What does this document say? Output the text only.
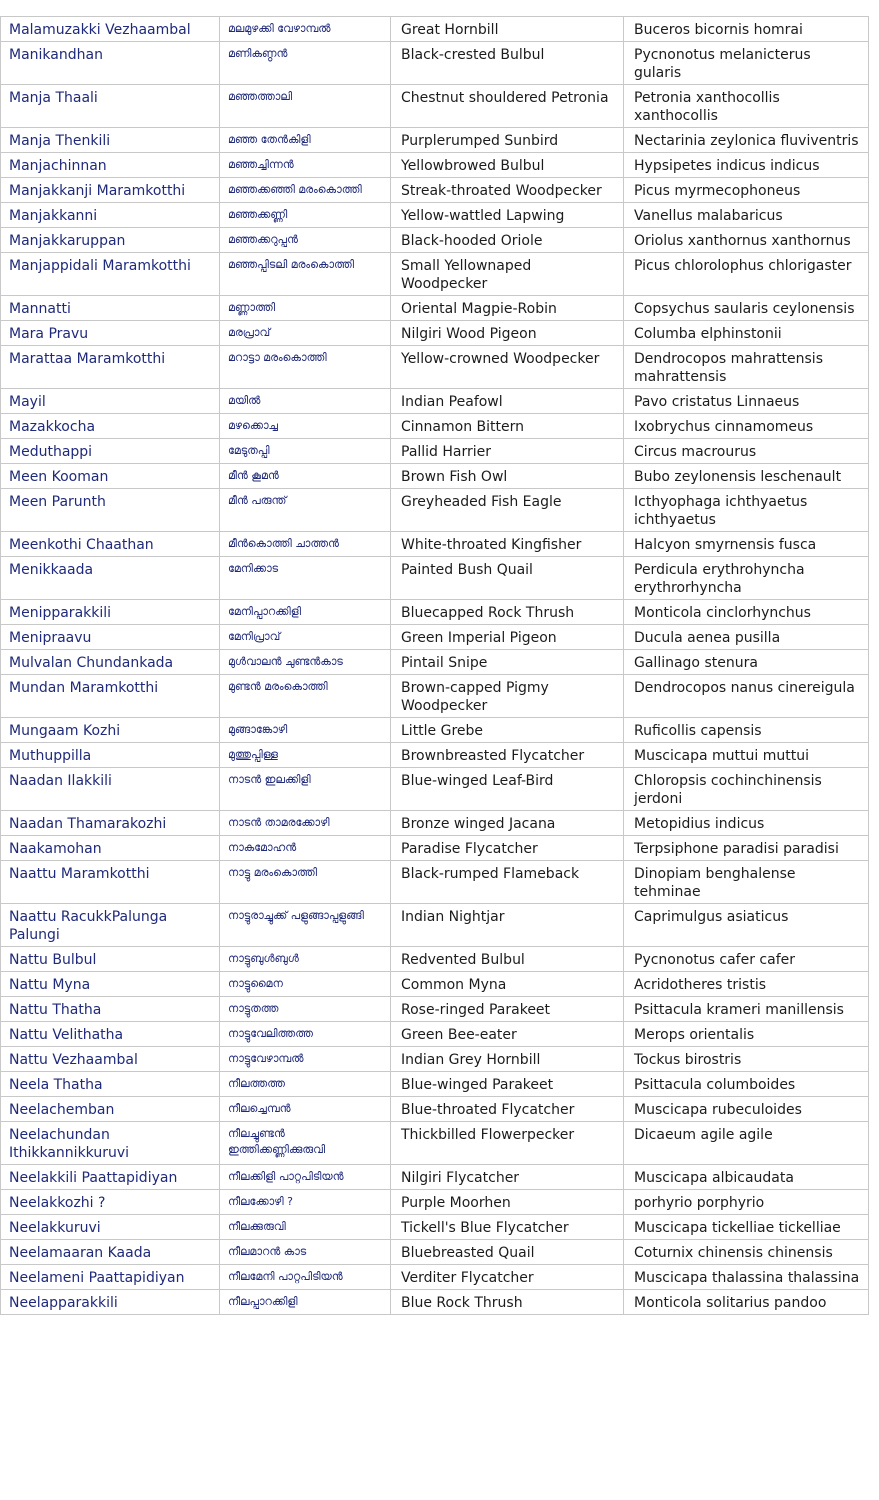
Malamuzakki Vezhaambal	മലമുഴക്കി വേഴാമ്പൽ	Great Hornbill	Buceros bicornis homrai
Manikandhan	മണികണ്ഠൻ	Black-crested Bulbul	Pycnonotus melanicterus gularis
Manja Thaali	മഞ്ഞത്താലി	Chestnut shouldered Petronia	Petronia xanthocollis xanthocollis
Manja Thenkili	മഞ്ഞ തേൻകിളി	Purplerumped Sunbird	Nectarinia zeylonica fluviventris
Manjachinnan	മഞ്ഞച്ചിന്നൻ	Yellowbrowed Bulbul	Hypsipetes indicus indicus
Manjakkanji Maramkotthi	മഞ്ഞക്കഞ്ഞി മരംകൊത്തി	Streak-throated Woodpecker	Picus myrmecophoneus
Manjakkanni	മഞ്ഞക്കണ്ണി	Yellow-wattled Lapwing	Vanellus malabaricus
Manjakkaruppan	മഞ്ഞക്കറുപ്പൻ	Black-hooded Oriole	Oriolus xanthornus xanthornus
Manjappidali Maramkotthi	മഞ്ഞപ്പിടലി മരംകൊത്തി	Small Yellownaped Woodpecker	Picus chlorolophus chlorigaster
Mannatti	മണ്ണാത്തി	Oriental Magpie-Robin	Copsychus saularis ceylonensis
Mara Pravu	മരപ്രാവ്	Nilgiri Wood Pigeon	Columba elphinstonii
Marattaa Maramkotthi	മറാട്ടാ മരംകൊത്തി	Yellow-crowned Woodpecker	Dendrocopos mahrattensis mahrattensis
Mayil	മയിൽ	Indian Peafowl	Pavo cristatus Linnaeus
Mazakkocha	മഴക്കൊച്ച	Cinnamon Bittern	Ixobrychus cinnamomeus
Meduthappi	മേടുതപ്പി	Pallid Harrier	Circus macrourus
Meen Kooman	മീൻ കൂമൻ	Brown Fish Owl	Bubo zeylonensis leschenault
Meen Parunth	മീൻ പരുന്ത്	Greyheaded Fish Eagle	Icthyophaga ichthyaetus ichthyaetus
Meenkothi Chaathan	മീൻകൊത്തി ചാത്തൻ	White-throated Kingfisher	Halcyon smyrnensis fusca
Menikkaada	മേനിക്കാട	Painted Bush Quail	Perdicula erythrohyncha erythrorhyncha
Menipparakkili	മേനിപ്പാറക്കിളി	Bluecapped Rock Thrush	Monticola cinclorhynchus
Menipraavu	മേനിപ്രാവ്	Green Imperial Pigeon	Ducula aenea pusilla
Mulvalan Chundankada	മുൾവാലൻ ചുണ്ടൻകാട	Pintail Snipe	Gallinago stenura
Mundan Maramkotthi	മുണ്ടൻ മരംകൊത്തി	Brown-capped Pigmy Woodpecker	Dendrocopos nanus cinereigula
Mungaam Kozhi	മുങ്ങാങ്കോഴി	Little Grebe	Ruficollis capensis
Muthuppilla	മുത്തുപ്പിള്ള	Brownbreasted Flycatcher	Muscicapa muttui muttui
Naadan Ilakkili	നാടൻ ഇലക്കിളി	Blue-winged Leaf-Bird	Chloropsis cochinchinensis jerdoni
Naadan Thamarakozhi	നാടൻ താമരക്കോഴി	Bronze winged Jacana	Metopidius indicus
Naakamohan	നാകമോഹൻ	Paradise Flycatcher	Terpsiphone paradisi paradisi
Naattu Maramkotthi	നാട്ടു മരംകൊത്തി	Black-rumped Flameback	Dinopiam benghalense tehminae
Naattu RacukkPalunga Palungi	നാട്ടുരാച്ചുക്ക് പളുങ്ങാപ്പളുങ്ങി	Indian Nightjar	Caprimulgus asiaticus
Nattu Bulbul	നാട്ടുബുൾബുൾ	Redvented Bulbul	Pycnonotus cafer cafer
Nattu Myna	നാട്ടുമൈന	Common Myna	Acridotheres tristis
Nattu Thatha	നാട്ടുതത്ത	Rose-ringed Parakeet	Psittacula krameri manillensis
Nattu Velithatha	നാട്ടുവേലിത്തത്ത	Green Bee-eater	Merops orientalis
Nattu Vezhaambal	നാട്ടുവേഴാമ്പൽ	Indian Grey Hornbill	Tockus birostris
Neela Thatha	നീലത്തത്ത	Blue-winged Parakeet	Psittacula columboides
Neelachemban	നീലച്ചെമ്പൻ	Blue-throated Flycatcher	Muscicapa rubeculoides
Neelachundan Ithikkannikkuruvi	നീലച്ചുണ്ടൻ ഇത്തിക്കണ്ണിക്കുരുവി	Thickbilled Flowerpecker	Dicaeum agile agile
Neelakkili Paattapidiyan	നീലക്കിളി പാറ്റപിടിയൻ	Nilgiri Flycatcher	Muscicapa albicaudata
Neelakkozhi ?	നീലക്കോഴി ?	Purple Moorhen	porhyrio porphyrio
Neelakkuruvi	നീലക്കുരുവി	Tickell's Blue Flycatcher	Muscicapa tickelliae tickelliae
Neelamaaran Kaada	നീലമാറൻ കാട	Bluebreasted Quail	Coturnix chinensis chinensis
Neelameni Paattapidiyan	നീലമേനി പാറ്റപിടിയൻ	Verditer Flycatcher	Muscicapa thalassina thalassina
Neelapparakkili	നീലപ്പാറക്കിളി	Blue Rock Thrush	Monticola solitarius pandoo
